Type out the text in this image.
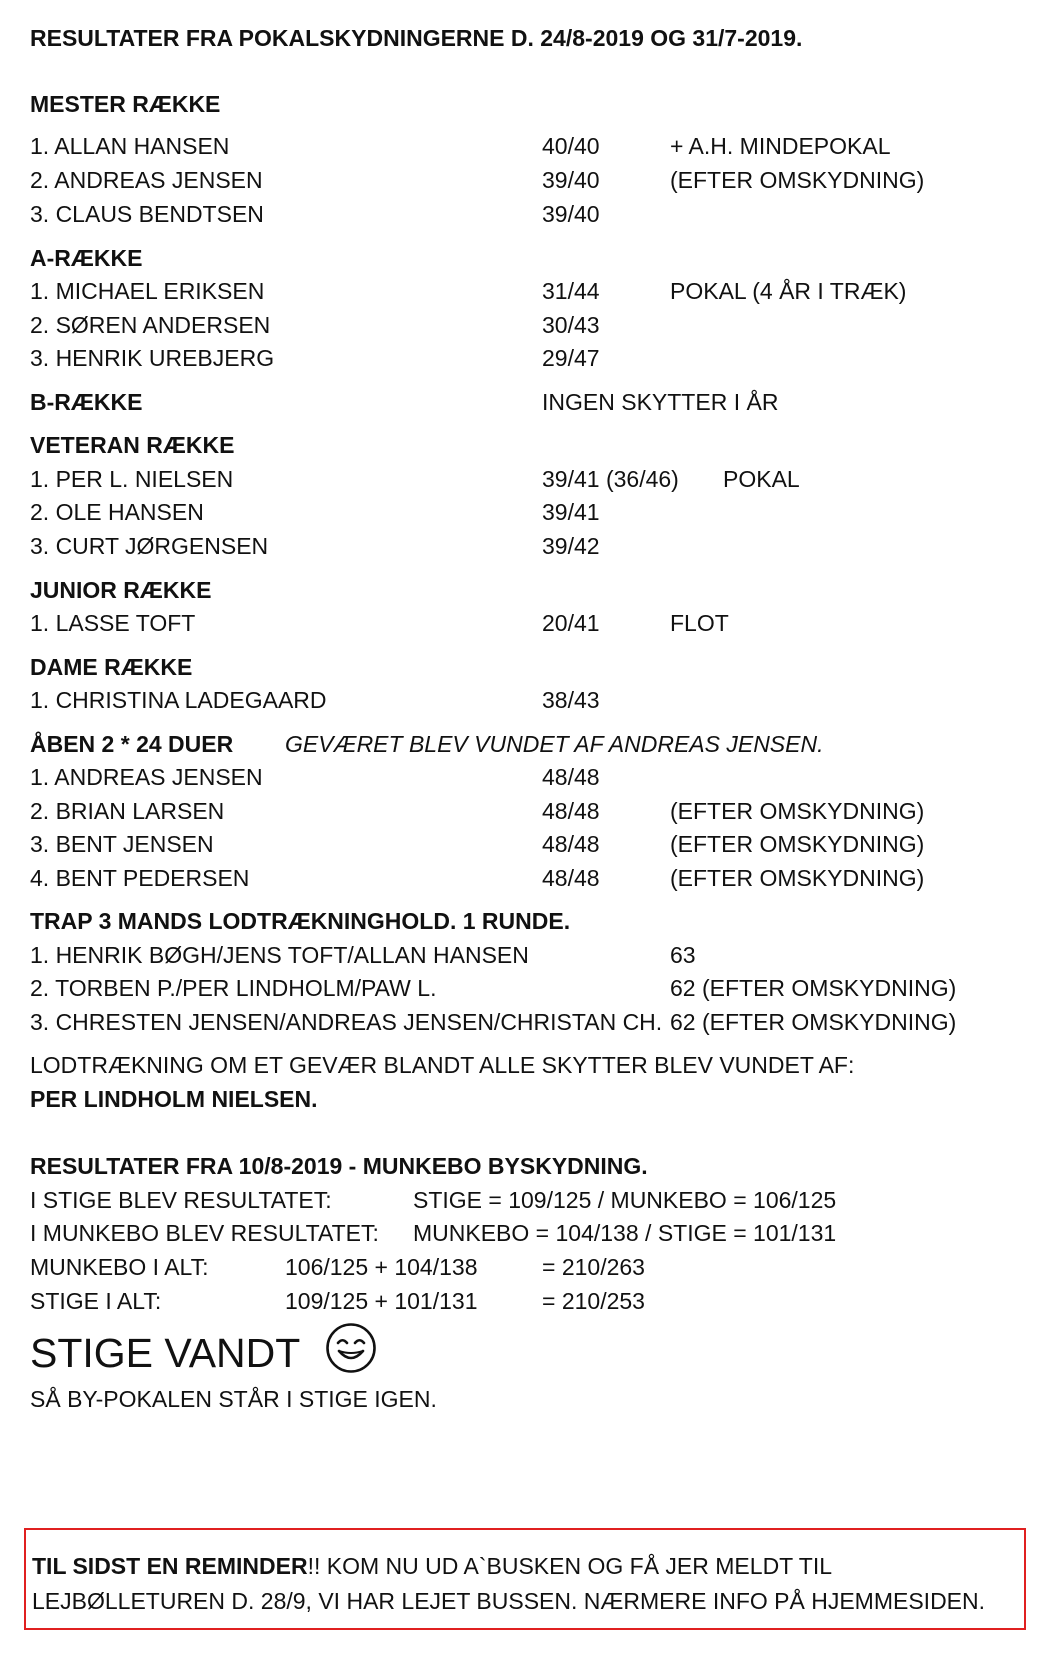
RESULTATER FRA POKALSKYDNINGERNE D. 24/8-2019 OG 31/7-2019.
MESTER RÆKKE
1. ALLAN HANSEN	40/40	+ A.H. MINDEPOKAL
2. ANDREAS JENSEN	39/40	(EFTER OMSKYDNING)
3. CLAUS BENDTSEN	39/40
A-RÆKKE
1. MICHAEL ERIKSEN	31/44	POKAL (4 ÅR I TRÆK)
2. SØREN ANDERSEN	30/43
3. HENRIK UREBJERG	29/47
B-RÆKKE	INGEN SKYTTER I ÅR
VETERAN RÆKKE
1. PER L. NIELSEN	39/41 (36/46) POKAL
2. OLE HANSEN	39/41
3. CURT JØRGENSEN	39/42
JUNIOR RÆKKE
1. LASSE TOFT	20/41	FLOT
DAME RÆKKE
1. CHRISTINA LADEGAARD	38/43
ÅBEN 2 * 24 DUER GEVÆRET BLEV VUNDET AF ANDREAS JENSEN.
1. ANDREAS JENSEN	48/48
2. BRIAN LARSEN	48/48	(EFTER OMSKYDNING)
3. BENT JENSEN	48/48	(EFTER OMSKYDNING)
4. BENT PEDERSEN	48/48	(EFTER OMSKYDNING)
TRAP 3 MANDS LODTRÆKNINGHOLD. 1 RUNDE.
1. HENRIK BØGH/JENS TOFT/ALLAN HANSEN	63
2. TORBEN P./PER LINDHOLM/PAW L.	62 (EFTER OMSKYDNING)
3. CHRESTEN JENSEN/ANDREAS JENSEN/CHRISTAN CH. 62 (EFTER OMSKYDNING)
LODTRÆKNING OM ET GEVÆR BLANDT ALLE SKYTTER BLEV VUNDET AF:
PER LINDHOLM NIELSEN.
RESULTATER FRA 10/8-2019 - MUNKEBO BYSKYDNING.
I STIGE BLEV RESULTATET:	STIGE = 109/125 / MUNKEBO = 106/125
I MUNKEBO BLEV RESULTATET: MUNKEBO = 104/138 / STIGE = 101/131
MUNKEBO I ALT:	106/125 + 104/138	= 210/263
STIGE I ALT:	109/125 + 101/131	= 210/253
STIGE VANDT
SÅ BY-POKALEN STÅR I STIGE IGEN.
TIL SIDST EN REMINDER!! KOM NU UD A`BUSKEN OG FÅ JER MELDT TIL
LEJBØLLETUREN D. 28/9, VI HAR LEJET BUSSEN. NÆRMERE INFO PÅ HJEMMESIDEN.
